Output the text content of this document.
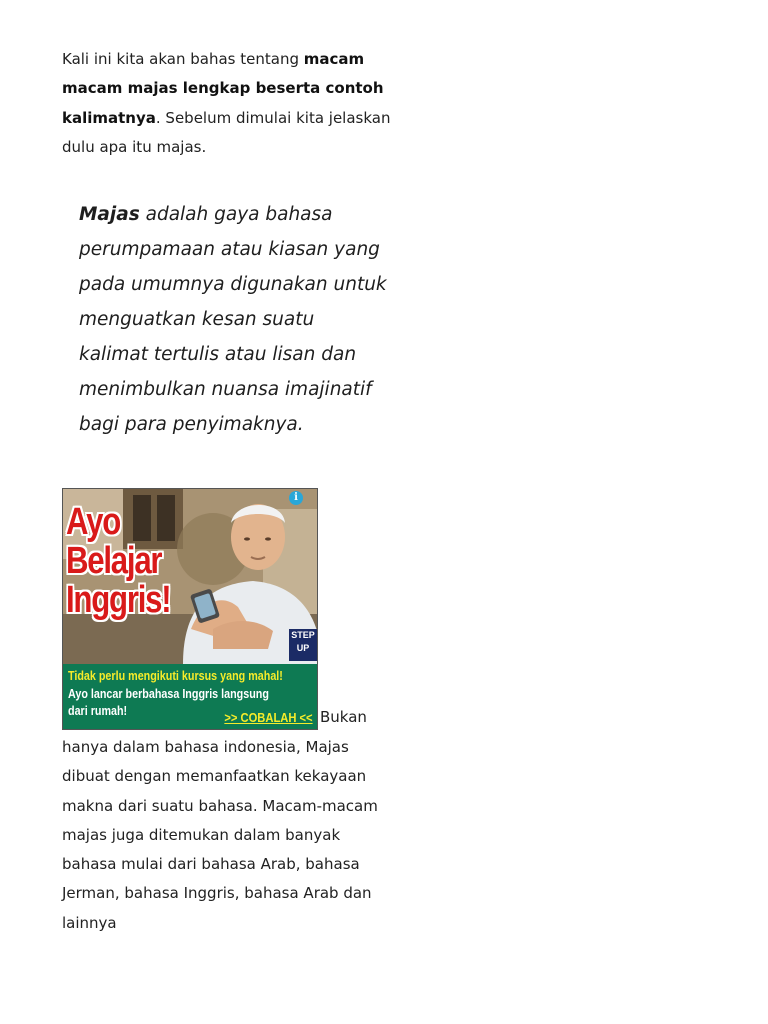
Kali ini kita akan bahas tentang macam macam majas lengkap beserta contoh kalimatnya. Sebelum dimulai kita jelaskan dulu apa itu majas.

Majas adalah gaya bahasa perumpamaan atau kiasan yang pada umumnya digunakan untuk menguatkan kesan suatu kalimat tertulis atau lisan dan menimbulkan nuansa imajinatif bagi para penyimaknya.

i

Ayo
Belajar
Inggris!

STEP
UP

Tidak perlu mengikuti kursus yang mahal!

Ayo lancar berbahasa Inggris langsung dari rumah!	>> COBALAH << Bukan

hanya dalam bahasa indonesia, Majas dibuat dengan memanfaatkan kekayaan makna dari suatu bahasa. Macam-macam majas juga ditemukan dalam banyak bahasa mulai dari bahasa Arab, bahasa Jerman, bahasa Inggris, bahasa Arab dan lainnya
